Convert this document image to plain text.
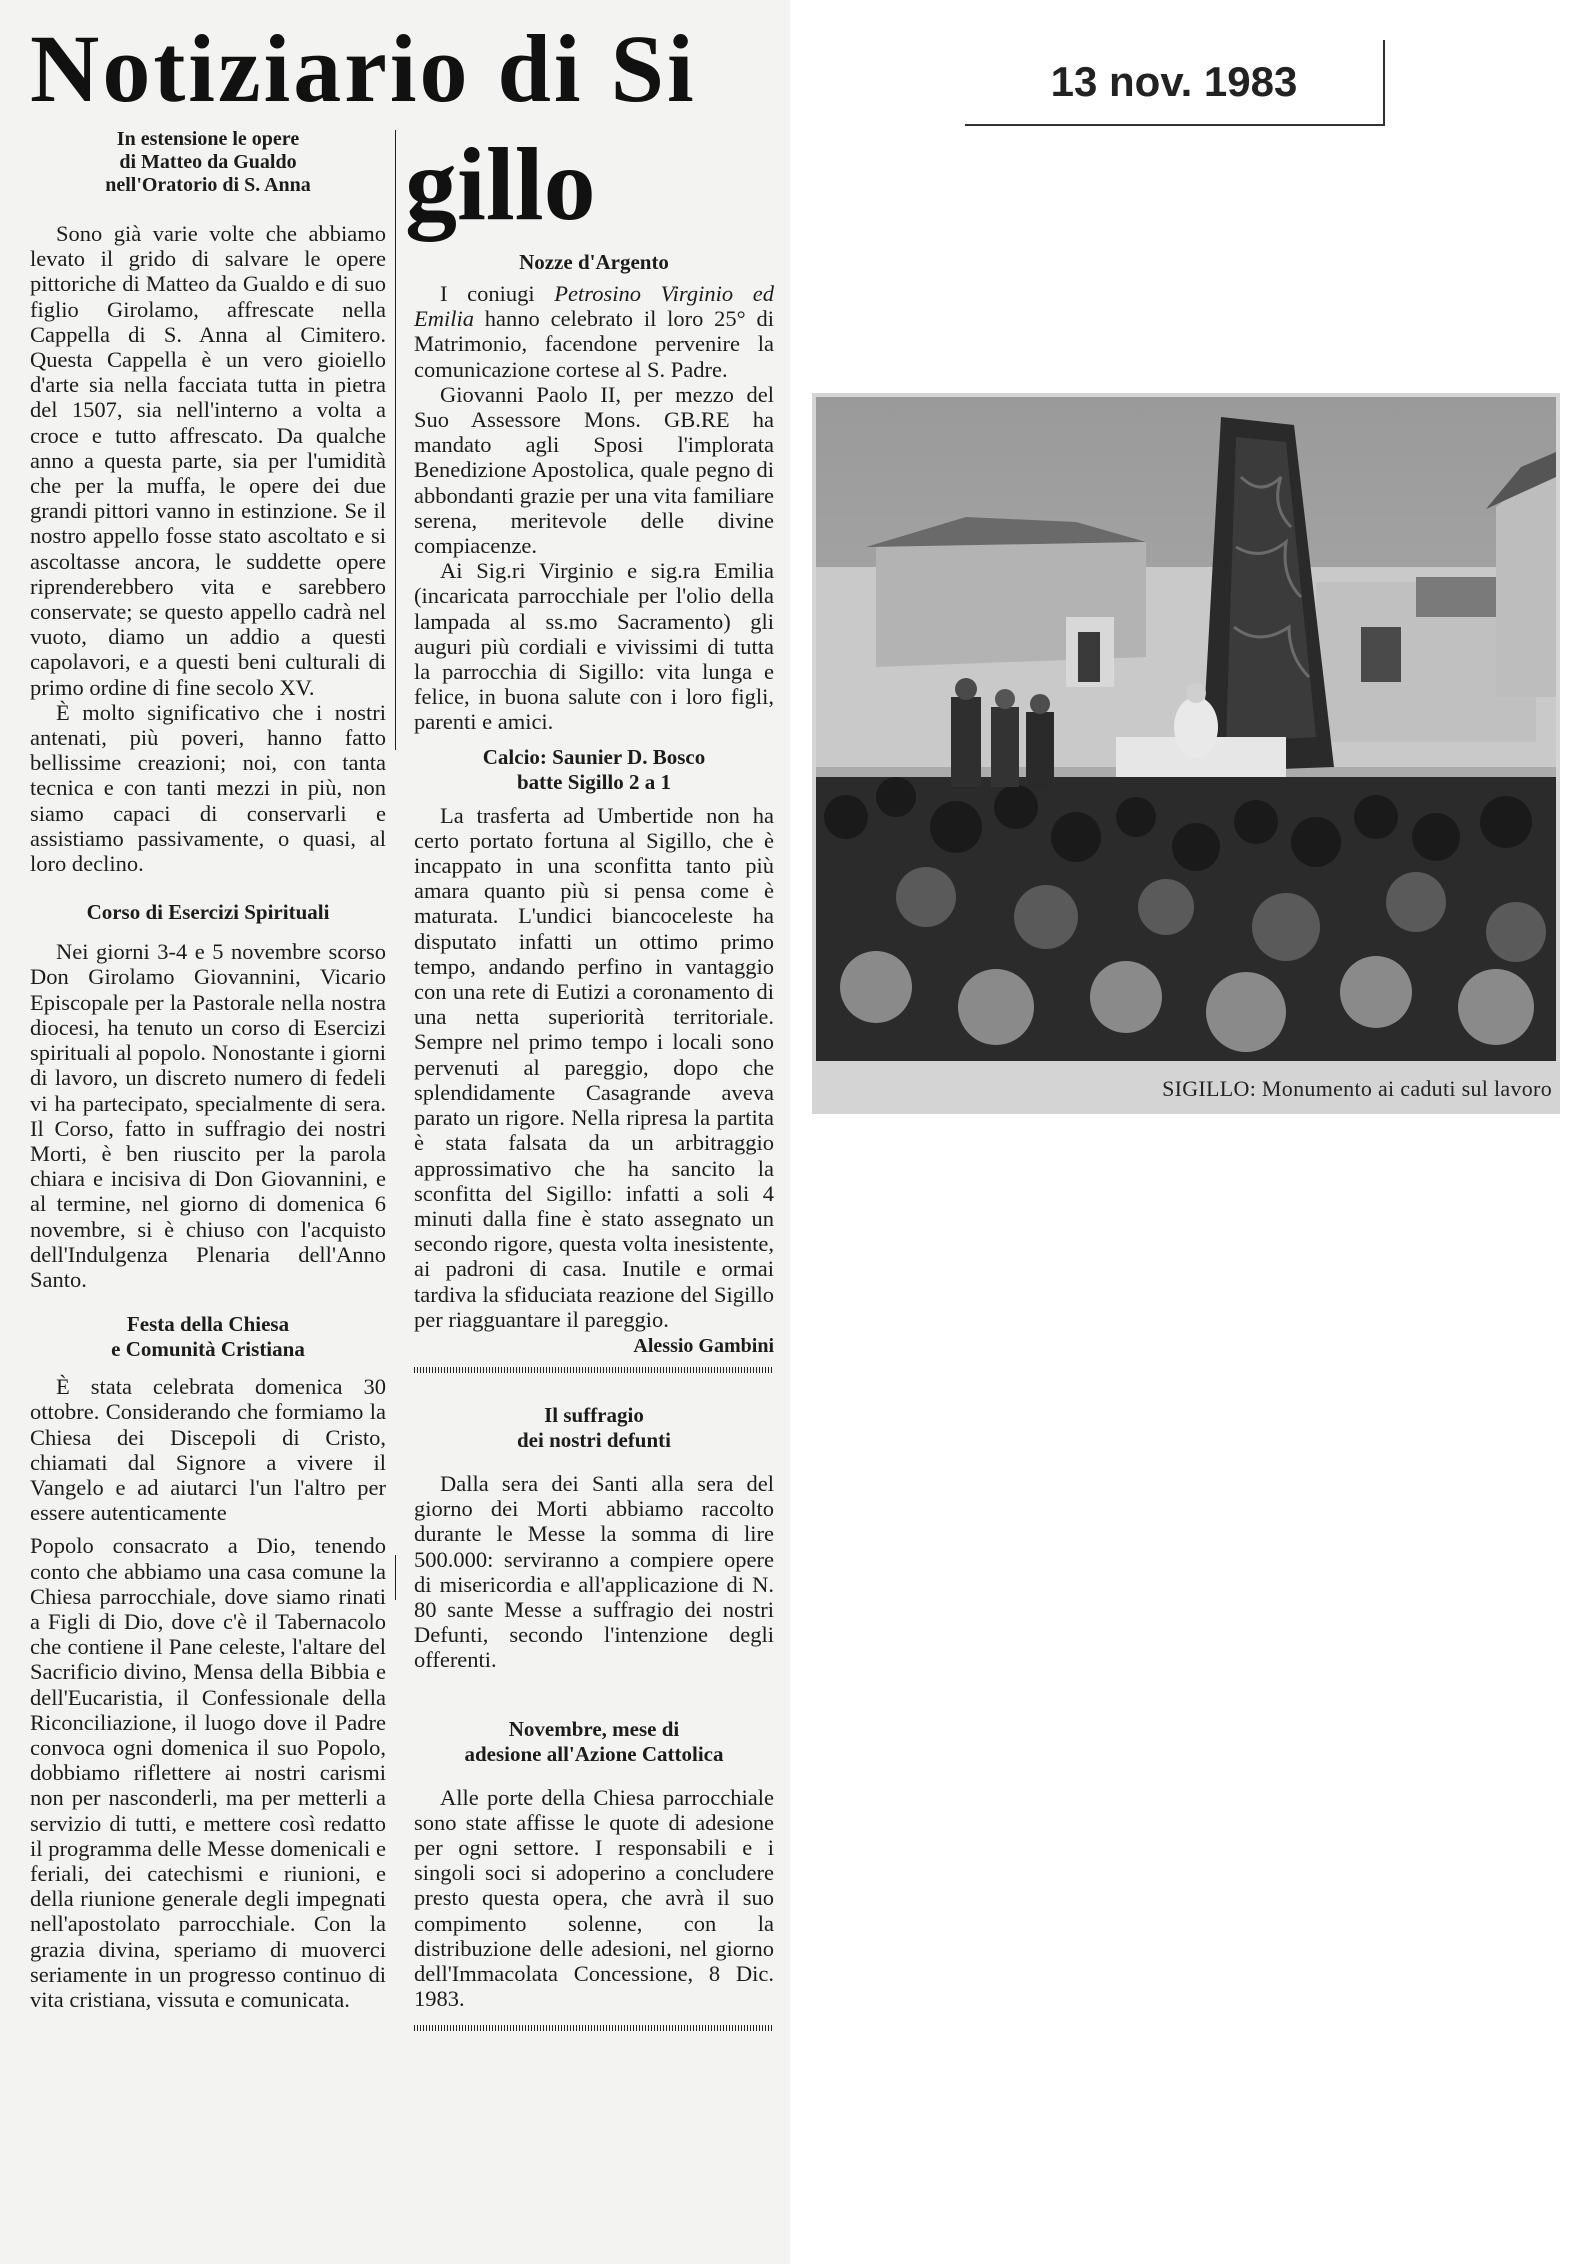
Notiziario di Si
gillo
In estensione le opere
di Matteo da Gualdo
nell'Oratorio di S. Anna

Sono già varie volte che abbiamo levato il grido di salvare le opere pittoriche di Matteo da Gualdo e di suo figlio Girolamo, affrescate nella Cappella di S. Anna al Cimitero. Questa Cappella è un vero gioiello d'arte sia nella facciata tutta in pietra del 1507, sia nell'interno a volta a croce e tutto affrescato. Da qualche anno a questa parte, sia per l'umidità che per la muffa, le opere dei due grandi pittori vanno in estinzione. Se il nostro appello fosse stato ascoltato e si ascoltasse ancora, le suddette opere riprenderebbero vita e sarebbero conservate; se questo appello cadrà nel vuoto, diamo un addio a questi capolavori, e a questi beni culturali di primo ordine di fine secolo XV.

È molto significativo che i nostri antenati, più poveri, hanno fatto bellissime creazioni; noi, con tanta tecnica e con tanti mezzi in più, non siamo capaci di conservarli e assistiamo passivamente, o quasi, al loro declino.

Corso di Esercizi Spirituali

Nei giorni 3-4 e 5 novembre scorso Don Girolamo Giovannini, Vicario Episcopale per la Pastorale nella nostra diocesi, ha tenuto un corso di Esercizi spirituali al popolo. Nonostante i giorni di lavoro, un discreto numero di fedeli vi ha partecipato, specialmente di sera. Il Corso, fatto in suffragio dei nostri Morti, è ben riuscito per la parola chiara e incisiva di Don Giovannini, e al termine, nel giorno di domenica 6 novembre, si è chiuso con l'acquisto dell'Indulgenza Plenaria dell'Anno Santo.

Festa della Chiesa
e Comunità Cristiana

È stata celebrata domenica 30 ottobre. Considerando che formiamo la Chiesa dei Discepoli di Cristo, chiamati dal Signore a vivere il Vangelo e ad aiutarci l'un l'altro per essere autenticamente

Popolo consacrato a Dio, tenendo conto che abbiamo una casa comune la Chiesa parrocchiale, dove siamo rinati a Figli di Dio, dove c'è il Tabernacolo che contiene il Pane celeste, l'altare del Sacrificio divino, Mensa della Bibbia e dell'Eucaristia, il Confessionale della Riconciliazione, il luogo dove il Padre convoca ogni domenica il suo Popolo, dobbiamo riflettere ai nostri carismi non per nasconderli, ma per metterli a servizio di tutti, e mettere così redatto il programma delle Messe domenicali e feriali, dei catechismi e riunioni, e della riunione generale degli impegnati nell'apostolato parrocchiale. Con la grazia divina, speriamo di muoverci seriamente in un progresso continuo di vita cristiana, vissuta e comunicata.

Nozze d'Argento

I coniugi Petrosino Virginio ed Emilia hanno celebrato il loro 25° di Matrimonio, facendone pervenire la comunicazione cortese al S. Padre.

Giovanni Paolo II, per mezzo del Suo Assessore Mons. GB.RE ha mandato agli Sposi l'implorata Benedizione Apostolica, quale pegno di abbondanti grazie per una vita familiare serena, meritevole delle divine compiacenze.

Ai Sig.ri Virginio e sig.ra Emilia (incaricata parrocchiale per l'olio della lampada al ss.mo Sacramento) gli auguri più cordiali e vivissimi di tutta la parrocchia di Sigillo: vita lunga e felice, in buona salute con i loro figli, parenti e amici.

Calcio: Saunier D. Bosco
batte Sigillo 2 a 1

La trasferta ad Umbertide non ha certo portato fortuna al Sigillo, che è incappato in una sconfitta tanto più amara quanto più si pensa come è maturata. L'undici biancoceleste ha disputato infatti un ottimo primo tempo, andando perfino in vantaggio con una rete di Eutizi a coronamento di una netta superiorità territoriale. Sempre nel primo tempo i locali sono pervenuti al pareggio, dopo che splendidamente Casagrande aveva parato un rigore. Nella ripresa la partita è stata falsata da un arbitraggio approssimativo che ha sancito la sconfitta del Sigillo: infatti a soli 4 minuti dalla fine è stato assegnato un secondo rigore, questa volta inesistente, ai padroni di casa. Inutile e ormai tardiva la sfiduciata reazione del Sigillo per riagguantare il pareggio.

Alessio Gambini
Il suffragio
dei nostri defunti

Dalla sera dei Santi alla sera del giorno dei Morti abbiamo raccolto durante le Messe la somma di lire 500.000: serviranno a compiere opere di misericordia e all'applicazione di N. 80 sante Messe a suffragio dei nostri Defunti, secondo l'intenzione degli offerenti.

Novembre, mese di
adesione all'Azione Cattolica

Alle porte della Chiesa parrocchiale sono state affisse le quote di adesione per ogni settore. I responsabili e i singoli soci si adoperino a concludere presto questa opera, che avrà il suo compimento solenne, con la distribuzione delle adesioni, nel giorno dell'Immacolata Concessione, 8 Dic. 1983.

13 nov. 1983
SIGILLO: Monumento ai caduti sul lavoro
